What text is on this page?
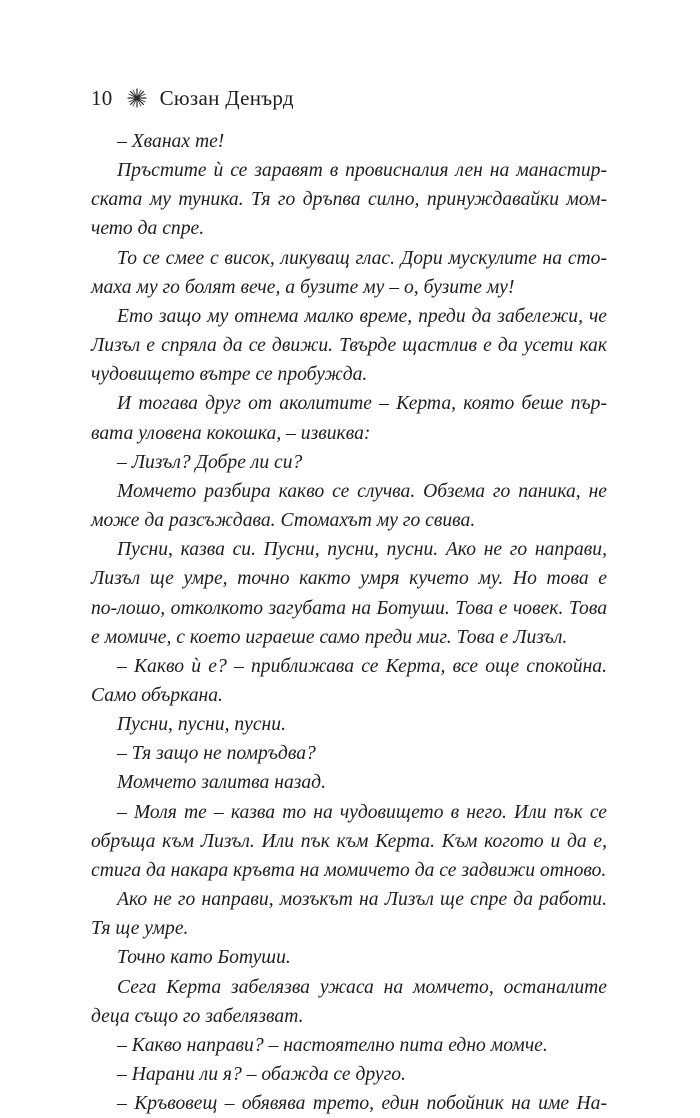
10 Сюзан Денърд
– Хванах те!
Пръстите ѝ се заравят в провисналия лен на манастир-
ската му туника. Тя го дръпва силно, принуждавайки мом-
чето да спре.
То се смее с висок, ликуващ глас. Дори мускулите на сто-
маха му го болят вече, а бузите му – о, бузите му!
Ето защо му отнема малко време, преди да забележи, че
Лизъл е спряла да се движи. Твърде щастлив е да усети как
чудовището вътре се пробужда.
И тогава друг от аколитите – Керта, която беше пър-
вата уловена кокошка, – извиква:
– Лизъл? Добре ли си?
Момчето разбира какво се случва. Обзема го паника, не
може да разсъждава. Стомахът му го свива.
Пусни, казва си. Пусни, пусни, пусни. Ако не го направи,
Лизъл ще умре, точно както умря кучето му. Но това е
по-лошо, отколкото загубата на Ботуши. Това е човек. Това
е момиче, с което играеше само преди миг. Това е Лизъл.
– Какво ѝ е? – приближава се Керта, все още спокойна.
Само объркана.
Пусни, пусни, пусни.
– Тя защо не помръдва?
Момчето залитва назад.
– Моля те – казва то на чудовището в него. Или пък се
обръща към Лизъл. Или пък към Керта. Към когото и да е,
стига да накара кръвта на момичето да се задвижи отново.
Ако не го направи, мозъкът на Лизъл ще спре да работи.
Тя ще умре.
Точно като Ботуши.
Сега Керта забелязва ужаса на момчето, останалите
деца също го забелязват.
– Какво направи? – настоятелно пита едно момче.
– Нарани ли я? – обажда се друго.
– Кръвовещ – обявява трето, един побойник на име На-
